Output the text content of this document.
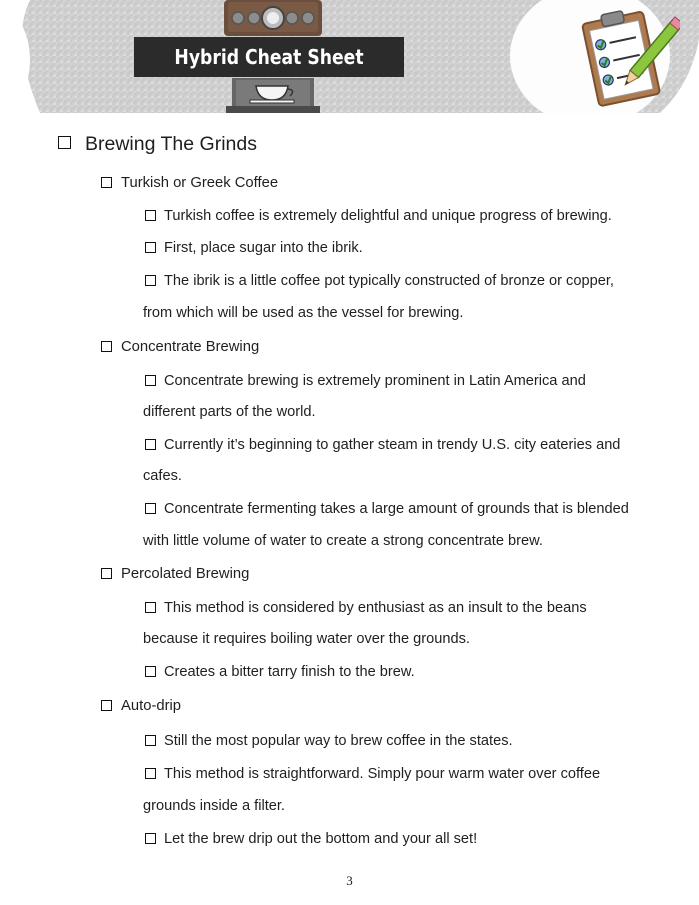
Hybrid Cheat Sheet
Brewing The Grinds
Turkish or Greek Coffee
Turkish coffee is extremely delightful and unique progress of brewing.
First, place sugar into the ibrik.
The ibrik is a little coffee pot typically constructed of bronze or copper,
from which will be used as the vessel for brewing.
Concentrate Brewing
Concentrate brewing is extremely prominent in Latin America and
different parts of the world.
Currently it’s beginning to gather steam in trendy U.S. city eateries and
cafes.
Concentrate fermenting takes a large amount of grounds that is blended
with little volume of water to create a strong concentrate brew.
Percolated Brewing
This method is considered by enthusiast as an insult to the beans
because it requires boiling water over the grounds.
Creates a bitter tarry finish to the brew.
Auto-drip
Still the most popular way to brew coffee in the states.
This method is straightforward. Simply pour warm water over coffee
grounds inside a filter.
Let the brew drip out the bottom and your all set!
3
